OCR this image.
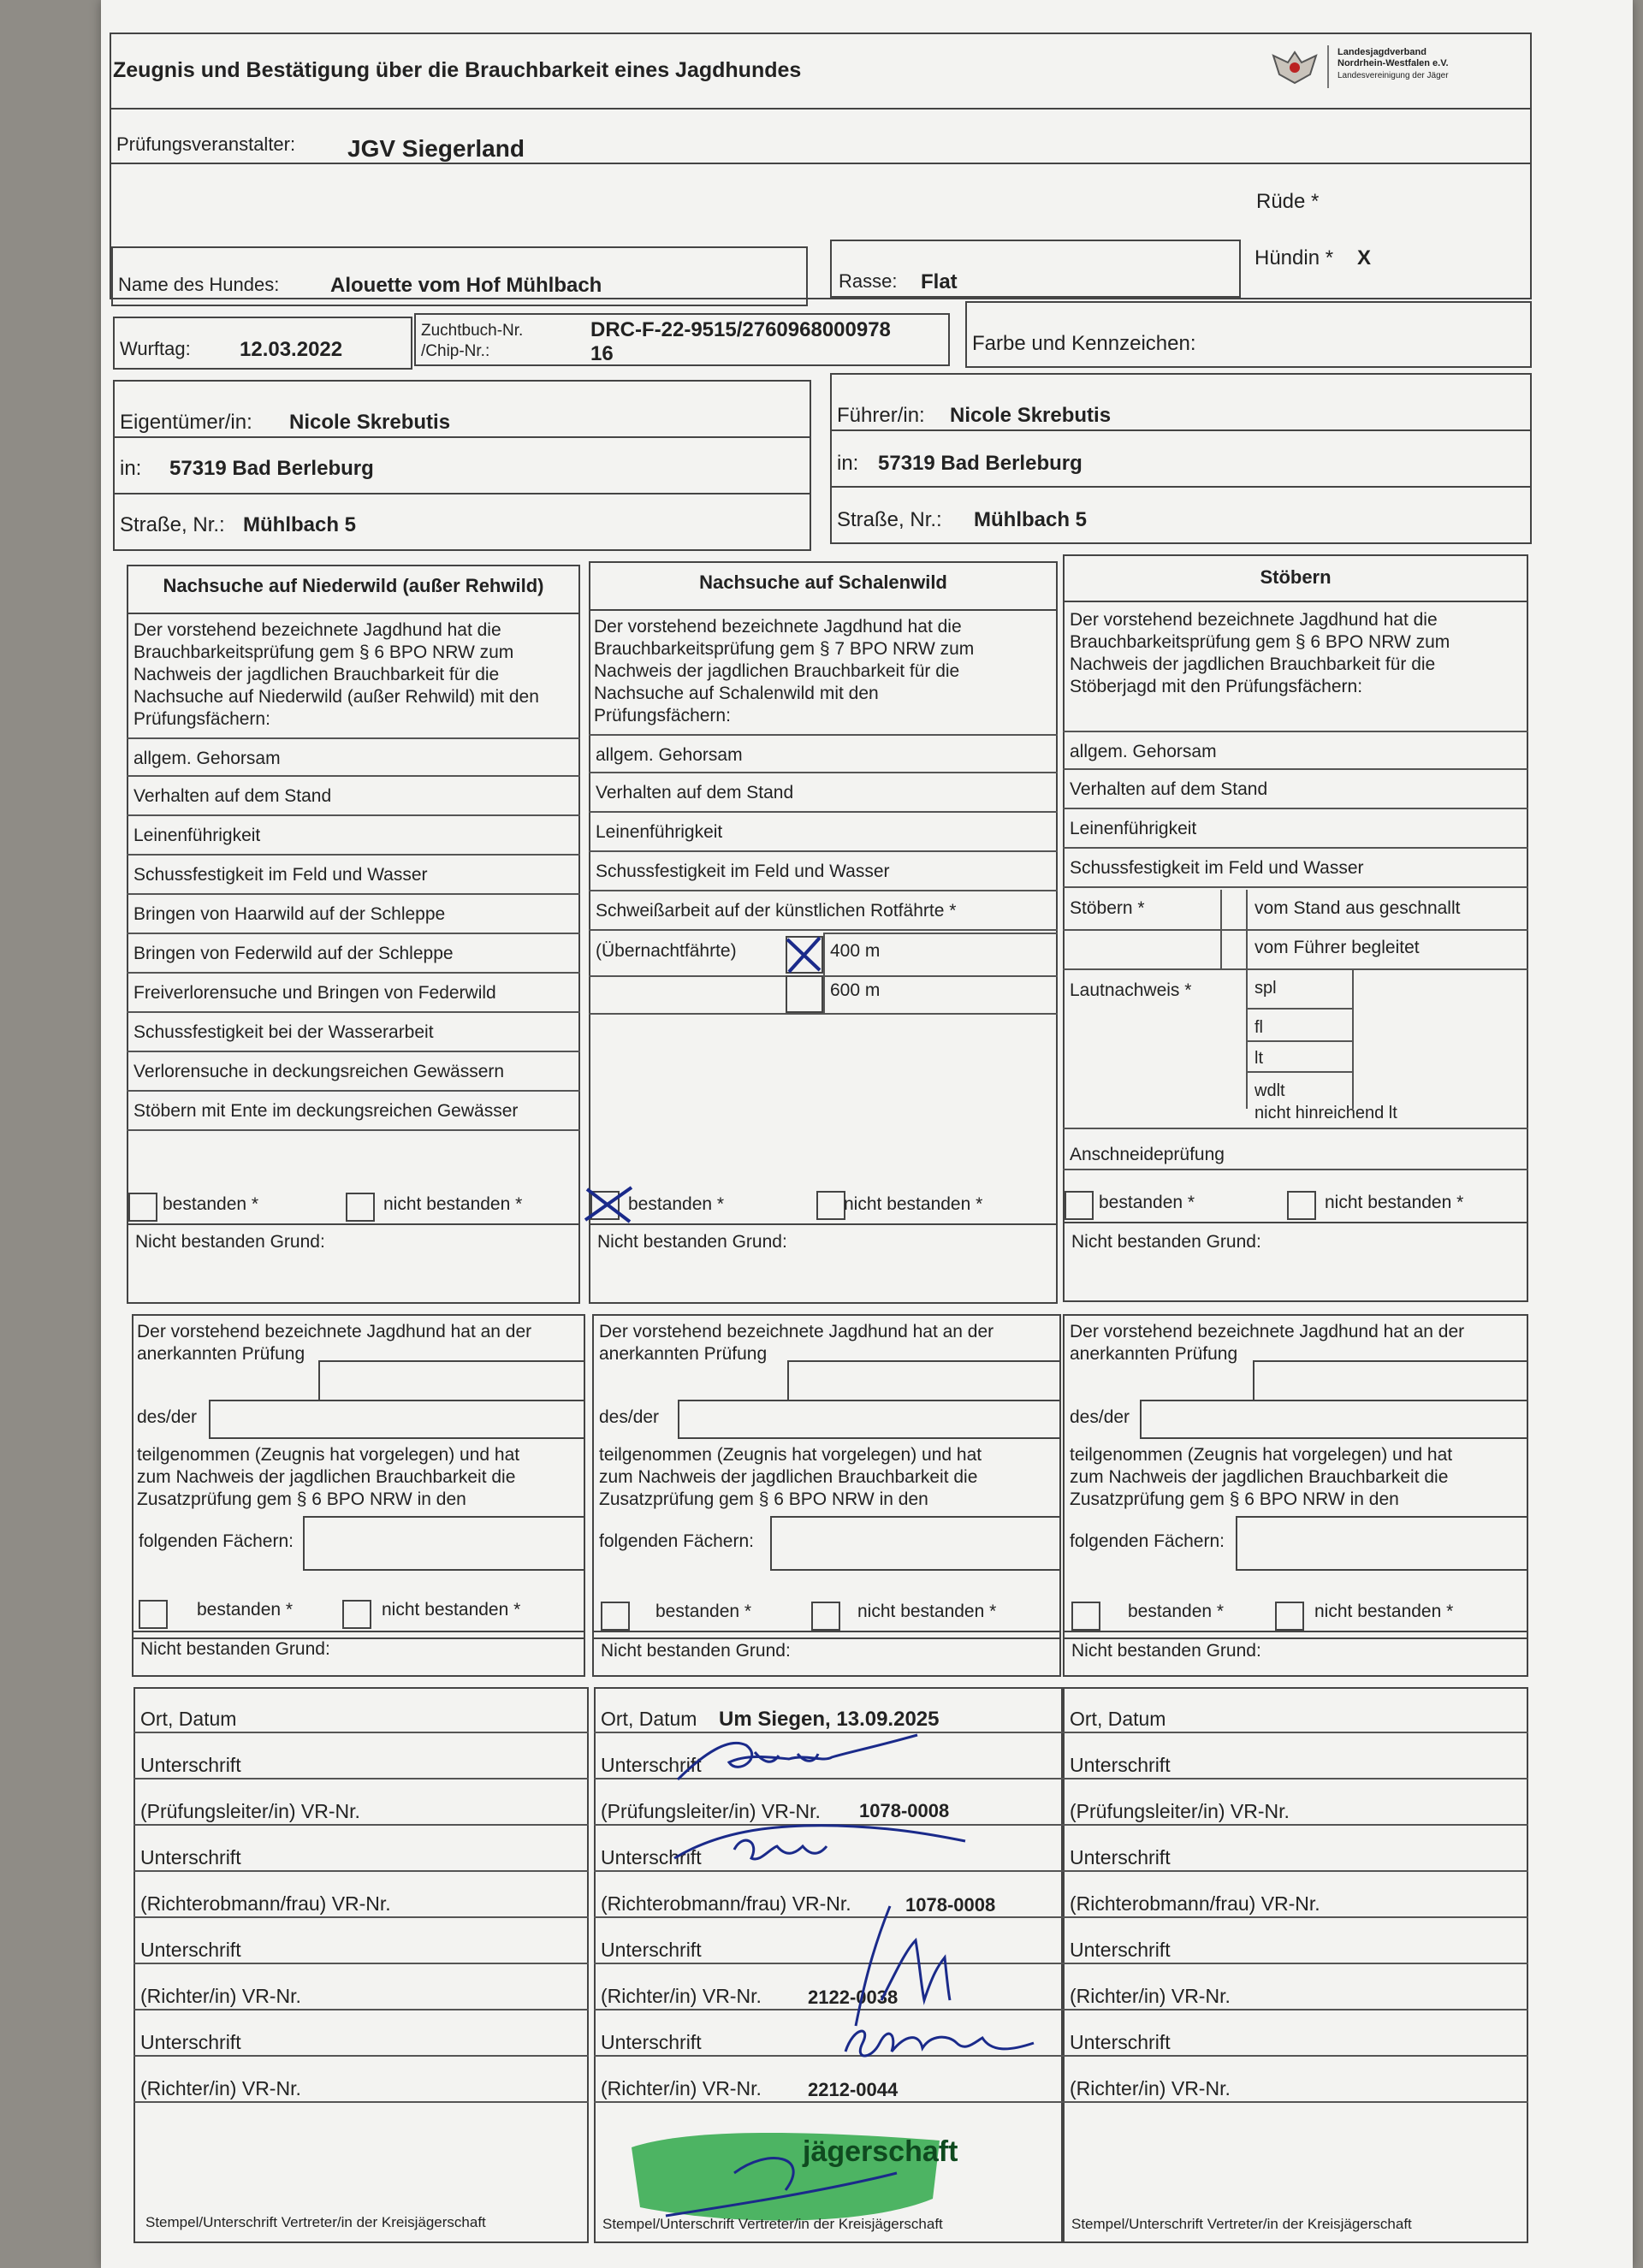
Zeugnis und Bestätigung über die Brauchbarkeit eines Jagdhundes
Landesjagdverband
Nordrhein-Westfalen e.V.
Landesvereinigung der Jäger
Prüfungsveranstalter: JGV Siegerland
Rüde *
Hündin * X
Name des Hundes: Alouette vom Hof Mühlbach	Rasse: Flat
Wurftag: 12.03.2022
Zuchtbuch-Nr.
/Chip-Nr.:
DRC-F-22-9515/2760968000978
16	Farbe und Kennzeichen:
Eigentümer/in: Nicole Skrebutis
in: 57319 Bad Berleburg
Straße, Nr.: Mühlbach 5
Führer/in: Nicole Skrebutis
in: 57319 Bad Berleburg
Straße, Nr.: Mühlbach 5
Nachsuche auf Niederwild (außer Rehwild)
Der vorstehend bezeichnete Jagdhund hat die
Brauchbarkeitsprüfung gem § 6 BPO NRW zum
Nachweis der jagdlichen Brauchbarkeit für die
Nachsuche auf Niederwild (außer Rehwild) mit den
Prüfungsfächern:
allgem. Gehorsam
Verhalten auf dem Stand
Leinenführigkeit
Schussfestigkeit im Feld und Wasser
Bringen von Haarwild auf der Schleppe
Bringen von Federwild auf der Schleppe
Freiverlorensuche und Bringen von Federwild
Schussfestigkeit bei der Wasserarbeit
Verlorensuche in deckungsreichen Gewässern
Stöbern mit Ente im deckungsreichen Gewässer
bestanden *	nicht bestanden *
Nicht bestanden Grund:
Nachsuche auf Schalenwild
Der vorstehend bezeichnete Jagdhund hat die
Brauchbarkeitsprüfung gem § 7 BPO NRW zum
Nachweis der jagdlichen Brauchbarkeit für die
Nachsuche auf Schalenwild mit den
Prüfungsfächern:
allgem. Gehorsam
Verhalten auf dem Stand
Leinenführigkeit
Schussfestigkeit im Feld und Wasser
Schweißarbeit auf der künstlichen Rotfährte *
(Übernachtfährte)	400 m
600 m
bestanden *	nicht bestanden *
Nicht bestanden Grund:
Stöbern
Der vorstehend bezeichnete Jagdhund hat die
Brauchbarkeitsprüfung gem § 6 BPO NRW zum
Nachweis der jagdlichen Brauchbarkeit für die
Stöberjagd mit den Prüfungsfächern:
allgem. Gehorsam
Verhalten auf dem Stand
Leinenführigkeit
Schussfestigkeit im Feld und Wasser
Stöbern *	vom Stand aus geschnallt
vom Führer begleitet
Lautnachweis *	spl
fl
lt
wdlt
nicht hinreichend lt
Anschneideprüfung
bestanden *	nicht bestanden *
Nicht bestanden Grund:
Der vorstehend bezeichnete Jagdhund hat an der
anerkannten Prüfung
des/der
teilgenommen (Zeugnis hat vorgelegen) und hat
zum Nachweis der jagdlichen Brauchbarkeit die
Zusatzprüfung gem § 6 BPO NRW in den
folgenden Fächern:
bestanden *	nicht bestanden *
Nicht bestanden Grund:
Der vorstehend bezeichnete Jagdhund hat an der
anerkannten Prüfung
des/der
teilgenommen (Zeugnis hat vorgelegen) und hat
zum Nachweis der jagdlichen Brauchbarkeit die
Zusatzprüfung gem § 6 BPO NRW in den
folgenden Fächern:
bestanden *	nicht bestanden *
Nicht bestanden Grund:
Der vorstehend bezeichnete Jagdhund hat an der
anerkannten Prüfung
des/der
teilgenommen (Zeugnis hat vorgelegen) und hat
zum Nachweis der jagdlichen Brauchbarkeit die
Zusatzprüfung gem § 6 BPO NRW in den
folgenden Fächern:
bestanden *	nicht bestanden *
Nicht bestanden Grund:
Ort, Datum
Unterschrift
(Prüfungsleiter/in) VR-Nr.
Unterschrift
(Richterobmann/frau) VR-Nr.
Unterschrift
(Richter/in) VR-Nr.
Unterschrift
(Richter/in) VR-Nr.
Stempel/Unterschrift Vertreter/in der Kreisjägerschaft
Ort, Datum Um Siegen, 13.09.2025
Unterschrift
(Prüfungsleiter/in) VR-Nr. 1078-0008
Unterschrift
(Richterobmann/frau) VR-Nr.	1078-0008
Unterschrift
(Richter/in) VR-Nr. 2122-0038
Unterschrift
(Richter/in) VR-Nr. 2212-0044
jägerschaft
Stempel/Unterschrift Vertreter/in der Kreisjägerschaft
Ort, Datum
Unterschrift
(Prüfungsleiter/in) VR-Nr.
Unterschrift
(Richterobmann/frau) VR-Nr.
Unterschrift
(Richter/in) VR-Nr.
Unterschrift
(Richter/in) VR-Nr.
Stempel/Unterschrift Vertreter/in der Kreisjägerschaft
